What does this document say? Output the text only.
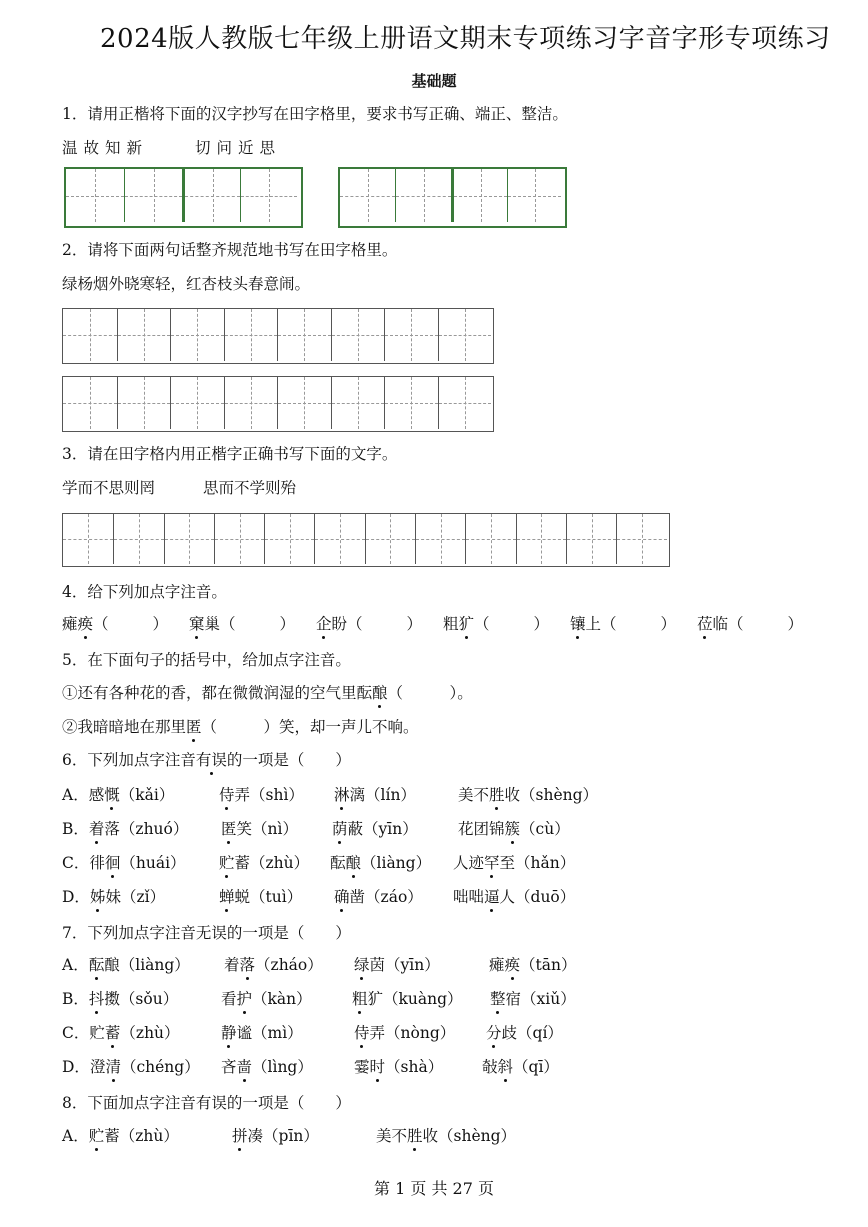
2024版人教版七年级上册语文期末专项练习字音字形专项练习
基础题
1．请用正楷将下面的汉字抄写在田字格里，要求书写正确、端正、整洁。
温故知新	切问近思
2．请将下面两句话整齐规范地书写在田字格里。
绿杨烟外晓寒轻，红杏枝头春意闹。
3．请在田字格内用正楷字正确书写下面的文字。
学而不思则罔	思而不学则殆
4．给下列加点字注音。
瘫痪（	） 窠巢（	） 企盼（	） 粗犷（	） 镶上（	） 莅临（	）
5．在下面句子的括号中，给加点字注音。
①还有各种花的香，都在微微润湿的空气里酝酿（　　　）。
②我暗暗地在那里匿（　　　）笑，却一声儿不响。
6．下列加点字注音有误的一项是（　　）
A．感慨（kǎi）	侍弄（shì） 淋漓（lín）	美不胜收（shèng）
B．着落（zhuó） 匿笑（nì） 荫蔽（yīn）	花团锦簇（cù）
C．徘徊（huái） 贮蓄（zhù） 酝酿（liàng） 人迹罕至（hǎn）
D．姊妹（zǐ）	蝉蜕（tuì） 确凿（záo） 咄咄逼人（duō）
7．下列加点字注音无误的一项是（　　）
A．酝酿（liàng） 着落（zháo） 绿茵（yīn）	瘫痪（tān）
B．抖擞（sǒu）	看护（kàn）	粗犷（kuàng） 整宿（xiǔ）
C．贮蓄（zhù）	静谧（mì）	侍弄（nòng） 分歧（qí）
D．澄清（chéng） 吝啬（lìng）	霎时（shà）	敧斜（qī）
8．下面加点字注音有误的一项是（　　）
A．贮蓄（zhù）	拼凑（pīn）	美不胜收（shèng）
第 1 页 共 27 页
